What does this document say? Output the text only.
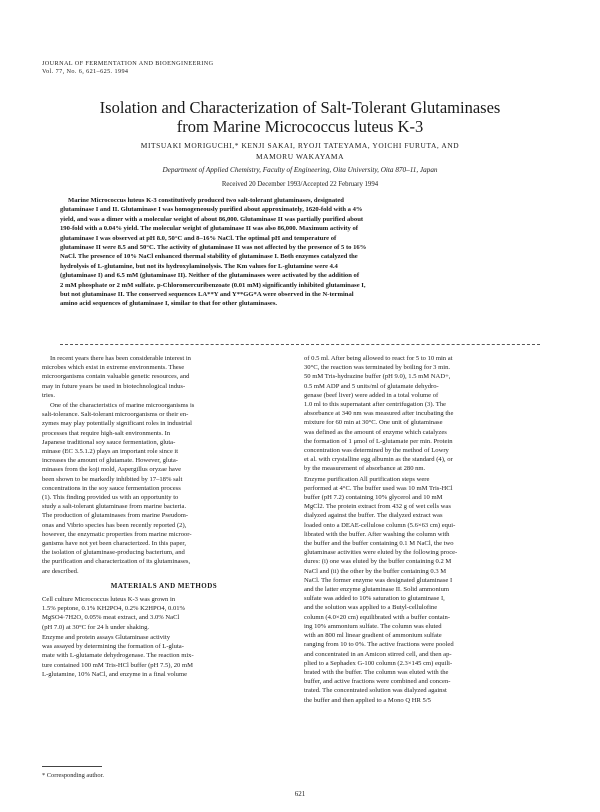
JOURNAL OF FERMENTATION AND BIOENGINEERING
Vol. 77, No. 6, 621–625. 1994
Isolation and Characterization of Salt-Tolerant Glutaminases
from Marine Micrococcus luteus K-3
MITSUAKI MORIGUCHI,* KENJI SAKAI, RYOJI TATEYAMA, YOICHI FURUTA, AND
MAMORU WAKAYAMA
Department of Applied Chemistry, Faculty of Engineering, Oita University, Oita 870–11, Japan
Received 20 December 1993/Accepted 22 February 1994
Marine Micrococcus luteus K-3 constitutively produced two salt-tolerant glutaminases, designated
glutaminase I and II. Glutaminase I was homogeneously purified about approximately, 1620-fold with a 4%
yield, and was a dimer with a molecular weight of about 86,000. Glutaminase II was partially purified about
190-fold with a 0.04% yield. The molecular weight of glutaminase II was also 86,000. Maximum activity of
glutaminase I was observed at pH 8.0, 50°C and 8–16% NaCl. The optimal pH and temperature of
glutaminase II were 8.5 and 50°C. The activity of glutaminase II was not affected by the presence of 5 to 16%
NaCl. The presence of 10% NaCl enhanced thermal stability of glutaminase I. Both enzymes catalyzed the
hydrolysis of L-glutamine, but not its hydroxylaminolysis. The Km values for L-glutamine were 4.4
(glutaminase I) and 6.5 mM (glutaminase II). Neither of the glutaminases were activated by the addition of
2 mM phosphate or 2 mM sulfate. p-Chloromercuribenzoate (0.01 mM) significantly inhibited glutaminase I,
but not glutaminase II. The conserved sequences LA**Y and Y**GG*A were observed in the N-terminal
amino acid sequences of glutaminase I, similar to that for other glutaminases.
In recent years there has been considerable interest in
microbes which exist in extreme environments. These
microorganisms contain valuable genetic resources, and
may in future years be used in biotechnological indus-
tries.
One of the characteristics of marine microorganisms is
salt-tolerance. Salt-tolerant microorganisms or their en-
zymes may play potentially significant roles in industrial
processes that require high-salt environments. In
Japanese traditional soy sauce fermentation, gluta-
minase (EC 3.5.1.2) plays an important role since it
increases the amount of glutamate. However, gluta-
minases from the koji mold, Aspergillus oryzae have
been shown to be markedly inhibited by 17–18% salt
concentrations in the soy sauce fermentation process
(1). This finding provided us with an opportunity to
study a salt-tolerant glutaminase from marine bacteria.
The production of glutaminases from marine Pseudom-
onas and Vibrio species has been recently reported (2),
however, the enzymatic properties from marine microor-
ganisms have not yet been characterized. In this paper,
the isolation of glutaminase-producing bacterium, and
the purification and characterization of its glutaminases,
are described.
MATERIALS AND METHODS
Cell culture Micrococcus luteus K-3 was grown in
1.5% peptone, 0.1% KH2PO4, 0.2% K2HPO4, 0.01%
MgSO4·7H2O, 0.05% meat extract, and 3.0% NaCl
(pH 7.0) at 30°C for 24 h under shaking.
Enzyme and protein assays Glutaminase activity
was assayed by determining the formation of L-gluta-
mate with L-glutamate dehydrogenase. The reaction mix-
ture contained 100 mM Tris-HCl buffer (pH 7.5), 20 mM
L-glutamine, 10% NaCl, and enzyme in a final volume
* Corresponding author.
of 0.5 ml. After being allowed to react for 5 to 10 min at
30°C, the reaction was terminated by boiling for 3 min.
50 mM Tris-hydrazine buffer (pH 9.0), 1.5 mM NAD+,
0.5 mM ADP and 5 units/ml of glutamate dehydro-
genase (beef liver) were added in a total volume of
1.0 ml to this supernatant after centrifugation (3). The
absorbance at 340 nm was measured after incubating the
mixture for 60 min at 30°C. One unit of glutaminase
was defined as the amount of enzyme which catalyzes
the formation of 1 μmol of L-glutamate per min. Protein
concentration was determined by the method of Lowry
et al. with crystalline egg albumin as the standard (4), or
by the measurement of absorbance at 280 nm.
Enzyme purification All purification steps were
performed at 4°C. The buffer used was 10 mM Tris-HCl
buffer (pH 7.2) containing 10% glycerol and 10 mM
MgCl2. The protein extract from 432 g of wet cells was
dialyzed against the buffer. The dialyzed extract was
loaded onto a DEAE-cellulose column (5.6×63 cm) equi-
librated with the buffer. After washing the column with
the buffer and the buffer containing 0.1 M NaCl, the two
glutaminase activities were eluted by the following proce-
dures: (i) one was eluted by the buffer containing 0.2 M
NaCl and (ii) the other by the buffer containing 0.3 M
NaCl. The former enzyme was designated glutaminase I
and the latter enzyme glutaminase II. Solid ammonium
sulfate was added to 10% saturation to glutaminase I,
and the solution was applied to a Butyl-cellulofine
column (4.0×20 cm) equilibrated with a buffer contain-
ing 10% ammonium sulfate. The column was eluted
with an 800 ml linear gradient of ammonium sulfate
ranging from 10 to 0%. The active fractions were pooled
and concentrated in an Amicon stirred cell, and then ap-
plied to a Sephadex G-100 column (2.3×145 cm) equili-
brated with the buffer. The column was eluted with the
buffer, and active fractions were combined and concen-
trated. The concentrated solution was dialyzed against
the buffer and then applied to a Mono Q HR 5/5
621
